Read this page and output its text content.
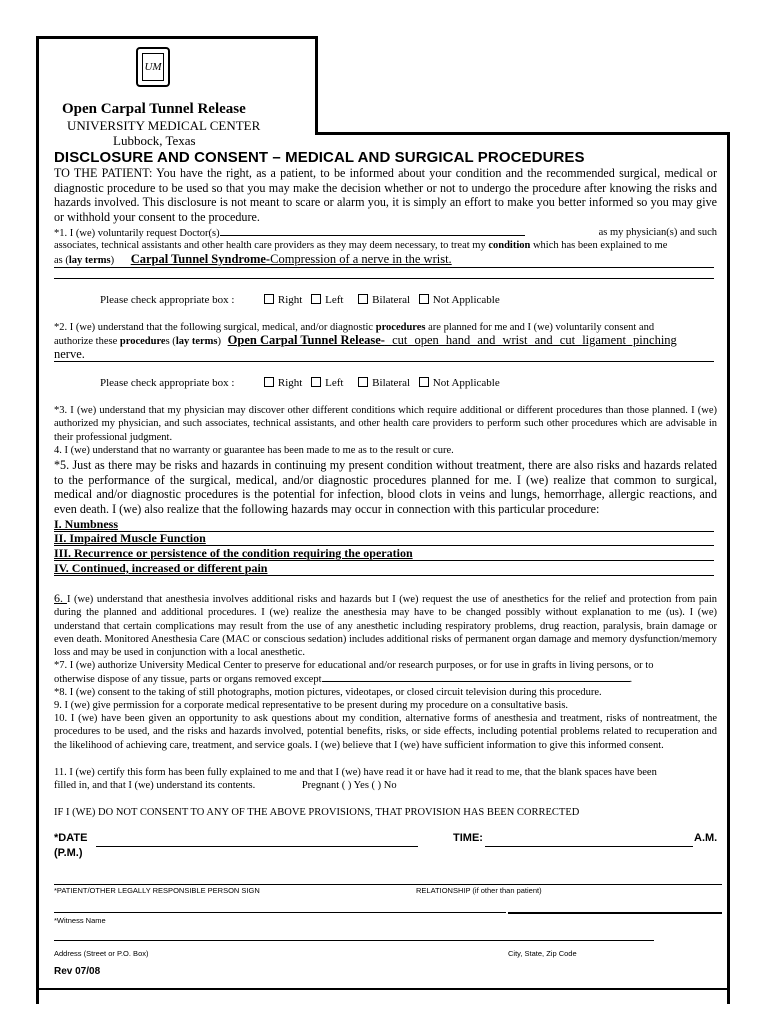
UM
Open Carpal Tunnel Release
UNIVERSITY MEDICAL CENTER
Lubbock, Texas
DISCLOSURE AND CONSENT – MEDICAL AND SURGICAL PROCEDURES
TO THE PATIENT: You have the right, as a patient, to be informed about your condition and the recommended surgical, medical or diagnostic procedure to be used so that you may make the decision whether or not to undergo the procedure after knowing the risks and hazards involved. This disclosure is not meant to scare or alarm you, it is simply an effort to make you better informed so you may give or withhold your consent to the procedure.
*1. I (we) voluntarily request Doctor(s)	as my physician(s) and such
associates, technical assistants and other health care providers as they may deem necessary, to treat my condition which has been explained to me
as (lay terms) Carpal Tunnel Syndrome-Compression of a nerve in the wrist.
Please check appropriate box :	Right Left	Bilateral Not Applicable
*2. I (we) understand that the following surgical, medical, and/or diagnostic procedures are planned for me and I (we) voluntarily consent and
authorize these procedures (lay terms) Open Carpal Tunnel Release- cut open hand and wrist and cut ligament pinching
nerve.
Please check appropriate box :	Right Left	Bilateral Not Applicable
*3. I (we) understand that my physician may discover other different conditions which require additional or different procedures than those planned. I (we) authorized my physician, and such associates, technical assistants, and other health care providers to perform such other procedures which are advisable in their professional judgment.
4. I (we) understand that no warranty or guarantee has been made to me as to the result or cure.
*5. Just as there may be risks and hazards in continuing my present condition without treatment, there are also risks and hazards related to the performance of the surgical, medical, and/or diagnostic procedures planned for me. I (we) realize that common to surgical, medical and/or diagnostic procedures is the potential for infection, blood clots in veins and lungs, hemorrhage, allergic reactions, and even death. I (we) also realize that the following hazards may occur in connection with this particular procedure:
I. Numbness
II. Impaired Muscle Function
III. Recurrence or persistence of the condition requiring the operation
IV. Continued, increased or different pain
6. I (we) understand that anesthesia involves additional risks and hazards but I (we) request the use of anesthetics for the relief and protection from pain during the planned and additional procedures. I (we) realize the anesthesia may have to be changed possibly without explanation to me (us). I (we) understand that certain complications may result from the use of any anesthetic including respiratory problems, drug reaction, paralysis, brain damage or even death. Monitored Anesthesia Care (MAC or conscious sedation) includes additional risks of permanent organ damage and memory dysfunction/memory loss and may be used in conjunction with a local anesthetic.
*7. I (we) authorize University Medical Center to preserve for educational and/or research purposes, or for use in grafts in living persons, or to
otherwise dispose of any tissue, parts or organs removed except	.
*8. I (we) consent to the taking of still photographs, motion pictures, videotapes, or closed circuit television during this procedure.
9. I (we) give permission for a corporate medical representative to be present during my procedure on a consultative basis.
10. I (we) have been given an opportunity to ask questions about my condition, alternative forms of anesthesia and treatment, risks of nontreatment, the procedures to be used, and the risks and hazards involved, potential benefits, risks, or side effects, including potential problems related to recuperation and the likelihood of achieving care, treatment, and service goals. I (we) believe that I (we) have sufficient information to give this informed consent.
11. I (we) certify this form has been fully explained to me and that I (we) have read it or have had it read to me, that the blank spaces have been
filled in, and that I (we) understand its contents.	Pregnant ( ) Yes ( ) No
IF I (WE) DO NOT CONSENT TO ANY OF THE ABOVE PROVISIONS, THAT PROVISION HAS BEEN CORRECTED
*DATE	TIME:	A.M.
(P.M.)
*PATIENT/OTHER LEGALLY RESPONSIBLE PERSON SIGN	RELATIONSHIP (if other than patient)
*Witness Name
Address (Street or P.O. Box)	City, State, Zip Code
Rev 07/08
